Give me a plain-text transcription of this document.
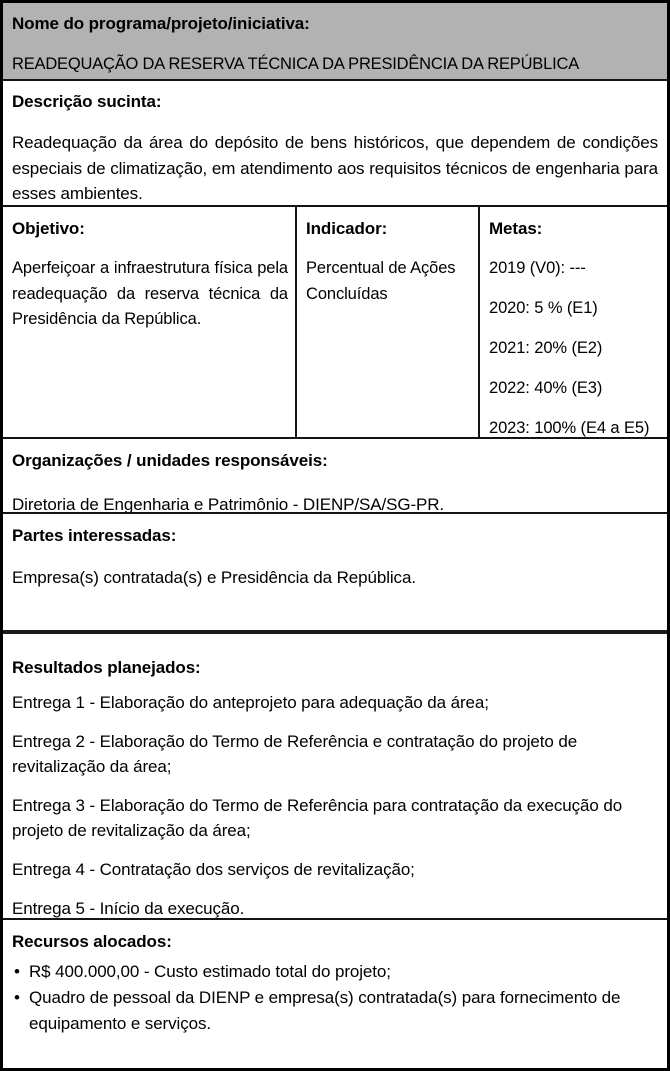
Nome do programa/projeto/iniciativa:
READEQUAÇÃO DA RESERVA TÉCNICA DA PRESIDÊNCIA DA REPÚBLICA
Descrição sucinta:

Readequação da área do depósito de bens históricos, que dependem de condições especiais de climatização, em atendimento aos requisitos técnicos de engenharia para esses ambientes.

Objetivo:

Aperfeiçoar a infraestrutura física pela readequação da reserva técnica da Presidência da República.

Indicador:

Percentual de Ações Concluídas

Metas:

2019 (V0): ---

2020: 5 % (E1)

2021: 20% (E2)

2022: 40% (E3)

2023: 100% (E4 a E5)

Organizações / unidades responsáveis:

Diretoria de Engenharia e Patrimônio - DIENP/SA/SG-PR.

Partes interessadas:

Empresa(s) contratada(s) e Presidência da República.

Resultados planejados:

Entrega 1 - Elaboração do anteprojeto para adequação da área;

Entrega 2 - Elaboração do Termo de Referência e contratação do projeto de revitalização da área;

Entrega 3 - Elaboração do Termo de Referência para contratação da execução do projeto de revitalização da área;

Entrega 4 - Contratação dos serviços de revitalização;

Entrega 5 - Início da execução.

Recursos alocados:
• R$ 400.000,00 - Custo estimado total do projeto;
• Quadro de pessoal da DIENP e empresa(s) contratada(s) para fornecimento de equipamento e serviços.
